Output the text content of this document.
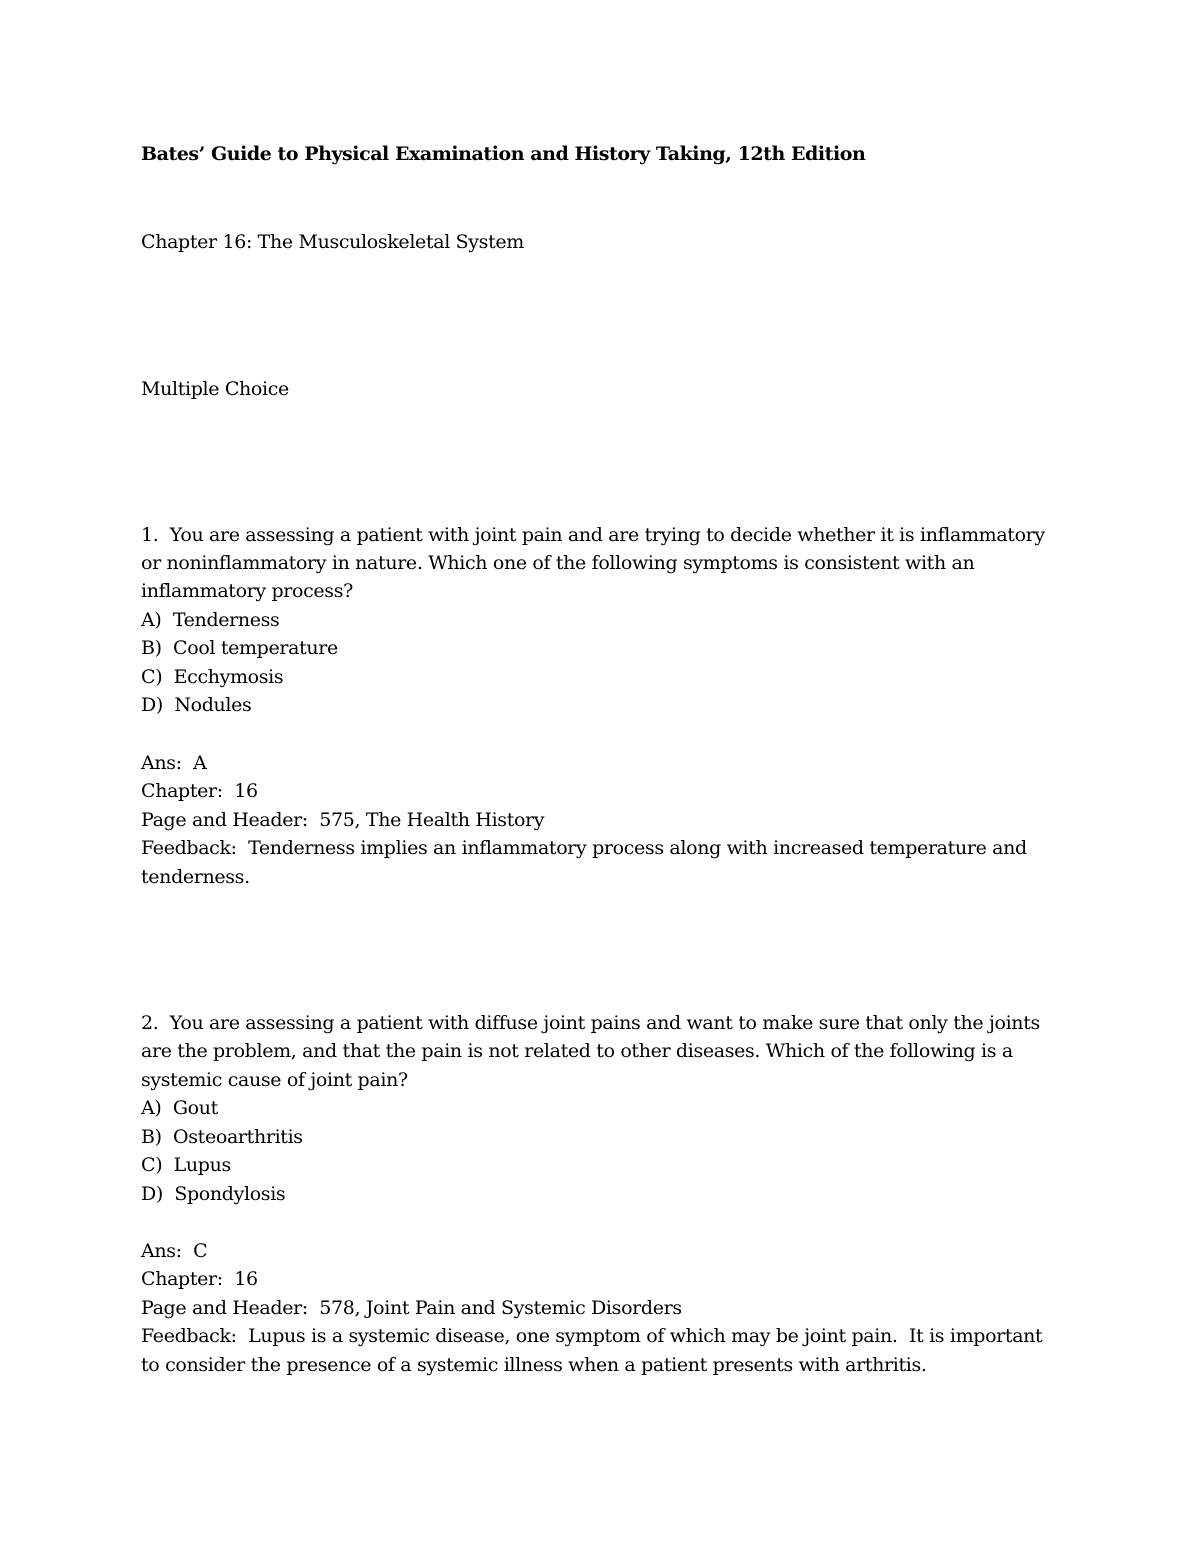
Bates’ Guide to Physical Examination and History Taking, 12th Edition

Chapter 16: The Musculoskeletal System

Multiple Choice

1.  You are assessing a patient with joint pain and are trying to decide whether it is inflammatory

or noninflammatory in nature. Which one of the following symptoms is consistent with an

inflammatory process?

A)  Tenderness

B)  Cool temperature

C)  Ecchymosis

D)  Nodules

Ans:  A

Chapter:  16

Page and Header:  575, The Health History

Feedback:  Tenderness implies an inflammatory process along with increased temperature and

tenderness.

2.  You are assessing a patient with diffuse joint pains and want to make sure that only the joints

are the problem, and that the pain is not related to other diseases. Which of the following is a

systemic cause of joint pain?

A)  Gout

B)  Osteoarthritis

C)  Lupus

D)  Spondylosis

Ans:  C

Chapter:  16

Page and Header:  578, Joint Pain and Systemic Disorders

Feedback:  Lupus is a systemic disease, one symptom of which may be joint pain.  It is important

to consider the presence of a systemic illness when a patient presents with arthritis.
